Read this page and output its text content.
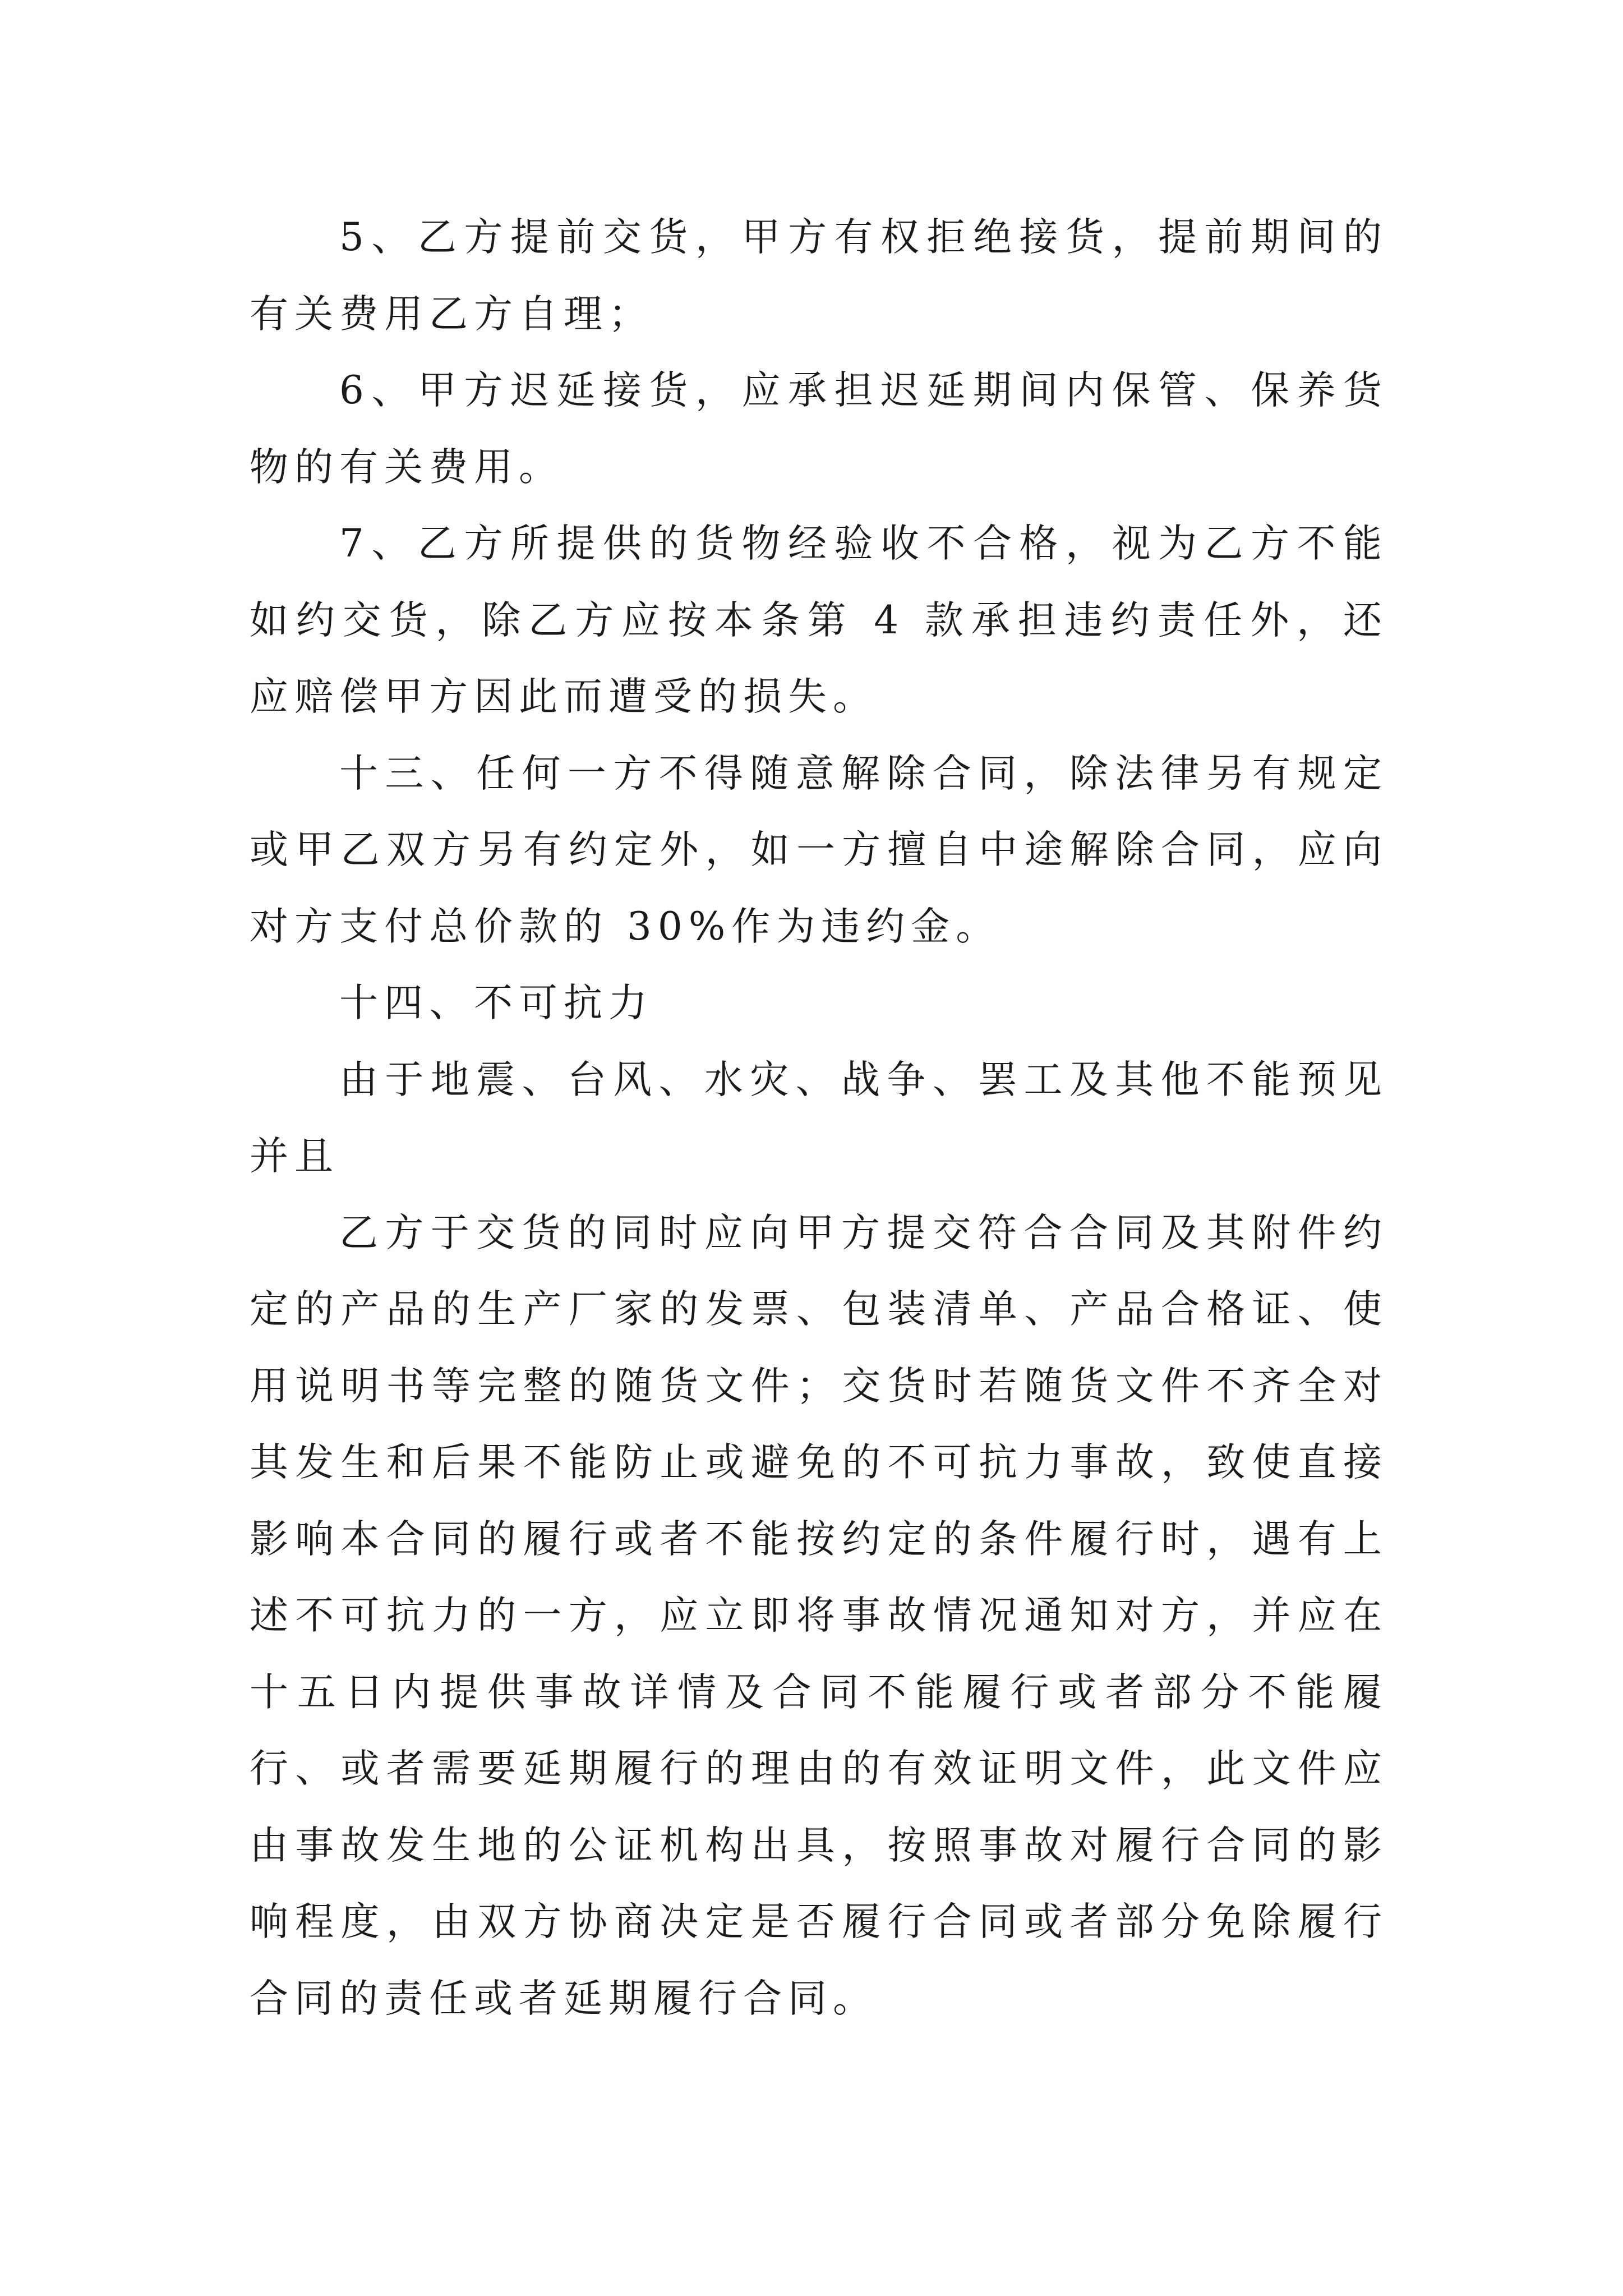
5、乙方提前交货，甲方有权拒绝接货，提前期间的有关费用乙方自理；

6、甲方迟延接货，应承担迟延期间内保管、保养货物的有关费用。

7、乙方所提供的货物经验收不合格，视为乙方不能如约交货，除乙方应按本条第 4 款承担违约责任外，还应赔偿甲方因此而遭受的损失。

十三、任何一方不得随意解除合同，除法律另有规定或甲乙双方另有约定外，如一方擅自中途解除合同，应向对方支付总价款的 30%作为违约金。

十四、不可抗力

由于地震、台风、水灾、战争、罢工及其他不能预见并且

乙方于交货的同时应向甲方提交符合合同及其附件约定的产品的生产厂家的发票、包装清单、产品合格证、使用说明书等完整的随货文件；交货时若随货文件不齐全对其发生和后果不能防止或避免的不可抗力事故，致使直接影响本合同的履行或者不能按约定的条件履行时，遇有上述不可抗力的一方，应立即将事故情况通知对方，并应在十五日内提供事故详情及合同不能履行或者部分不能履行、或者需要延期履行的理由的有效证明文件，此文件应由事故发生地的公证机构出具，按照事故对履行合同的影响程度，由双方协商决定是否履行合同或者部分免除履行合同的责任或者延期履行合同。
